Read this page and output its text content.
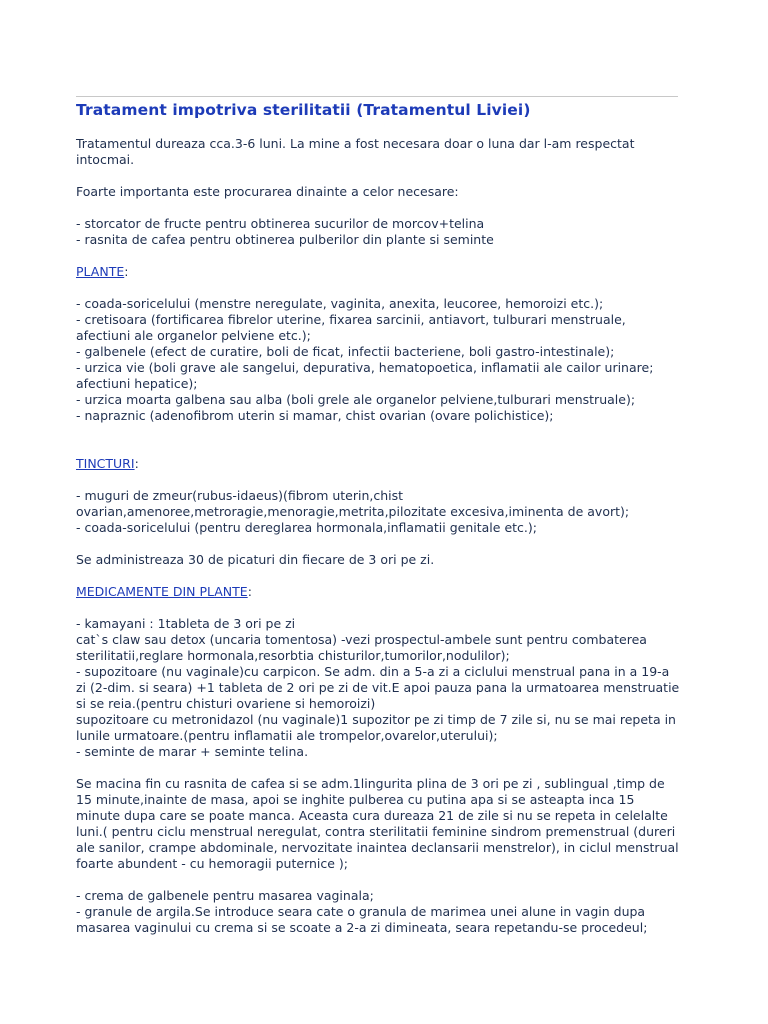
Tratament impotriva sterilitatii (Tratamentul Liviei)

Tratamentul dureaza cca.3-6 luni. La mine a fost necesara doar o luna dar l-am respectat intocmai.

Foarte importanta este procurarea dinainte a celor necesare:

- storcator de fructe pentru obtinerea sucurilor de morcov+telina
- rasnita de cafea pentru obtinerea pulberilor din plante si seminte
PLANTE:
- coada-soricelului (menstre neregulate, vaginita, anexita, leucoree, hemoroizi etc.);
- cretisoara (fortificarea fibrelor uterine, fixarea sarcinii, antiavort, tulburari menstruale, afectiuni ale organelor pelviene etc.);
- galbenele (efect de curatire, boli de ficat, infectii bacteriene, boli gastro-intestinale);
- urzica vie (boli grave ale sangelui, depurativa, hematopoetica, inflamatii ale cailor urinare; afectiuni hepatice);
- urzica moarta galbena sau alba (boli grele ale organelor pelviene,tulburari menstruale);
- napraznic (adenofibrom uterin si mamar, chist ovarian (ovare polichistice);
TINCTURI:
- muguri de zmeur(rubus-idaeus)(fibrom uterin,chist ovarian,amenoree,metroragie,menoragie,metrita,pilozitate excesiva,iminenta de avort);
- coada-soricelului (pentru dereglarea hormonala,inflamatii genitale etc.);

Se administreaza 30 de picaturi din fiecare de 3 ori pe zi.

MEDICAMENTE DIN PLANTE:
- kamayani : 1tableta de 3 ori pe zi
cat`s claw sau detox (uncaria tomentosa) -vezi prospectul-ambele sunt pentru combaterea sterilitatii,reglare hormonala,resorbtia chisturilor,tumorilor,nodulilor);
- supozitoare (nu vaginale)cu carpicon. Se adm. din a 5-a zi a ciclului menstrual pana in a 19-a zi (2-dim. si seara) +1 tableta de 2 ori pe zi de vit.E apoi pauza pana la urmatoarea menstruatie si se reia.(pentru chisturi ovariene si hemoroizi)
supozitoare cu metronidazol (nu vaginale)1 supozitor pe zi timp de 7 zile si, nu se mai repeta in lunile urmatoare.(pentru inflamatii ale trompelor,ovarelor,uterului);
- seminte de marar + seminte telina.

Se macina fin cu rasnita de cafea si se adm.1lingurita plina de 3 ori pe zi , sublingual ,timp de 15 minute,inainte de masa, apoi se inghite pulberea cu putina apa si se asteapta inca 15 minute dupa care se poate manca. Aceasta cura dureaza 21 de zile si nu se repeta in celelalte luni.( pentru ciclu menstrual neregulat, contra sterilitatii feminine sindrom premenstrual (dureri ale sanilor, crampe abdominale, nervozitate inaintea declansarii menstrelor), in ciclul menstrual foarte abundent - cu hemoragii puternice );

- crema de galbenele pentru masarea vaginala;
- granule de argila.Se introduce seara cate o granula de marimea unei alune in vagin dupa masarea vaginului cu crema si se scoate a 2-a zi dimineata, seara repetandu-se procedeul;
